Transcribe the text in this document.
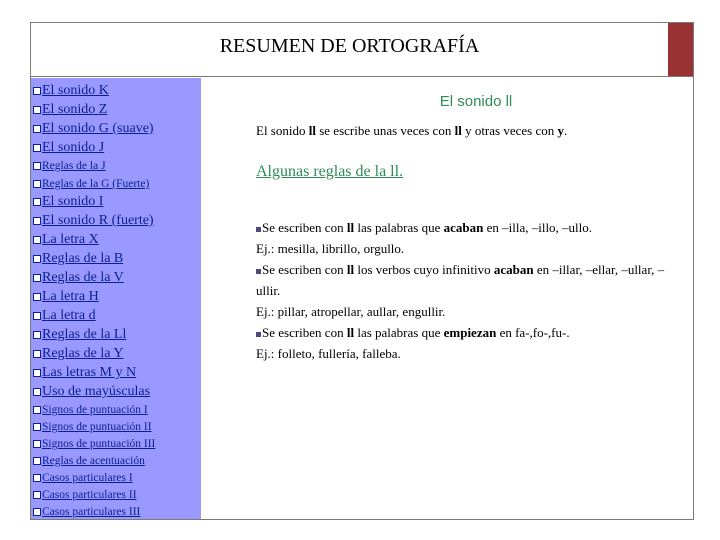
RESUMEN DE ORTOGRAFÍA
El sonido K
El sonido Z
El sonido G (suave)
El sonido J
Reglas de la J
Reglas de la G (Fuerte)
El sonido I
El sonido R (fuerte)
La letra X
Reglas de la B
Reglas de la V
La letra H
La letra d
Reglas de la Ll
Reglas de la Y
Las letras M y N
Uso de mayúsculas
Signos de puntuación I
Signos de puntuación II
Signos de puntuación III
Reglas de acentuación
Casos particulares I
Casos particulares II
Casos particulares III
El sonido ll
El sonido ll se escribe unas veces con ll y otras veces con y.
Algunas reglas de la ll.
Se escriben con ll las palabras que acaban en –illa, –illo, –ullo.
Ej.: mesilla, librillo, orgullo.
Se escriben con ll los verbos cuyo infinitivo acaban en –illar, –ellar, –ullar, –ullir.
Ej.: pillar, atropellar, aullar, engullir.
Se escriben con ll las palabras que empiezan en fa-,fo-,fu-.
Ej.: folleto, fullería, falleba.
